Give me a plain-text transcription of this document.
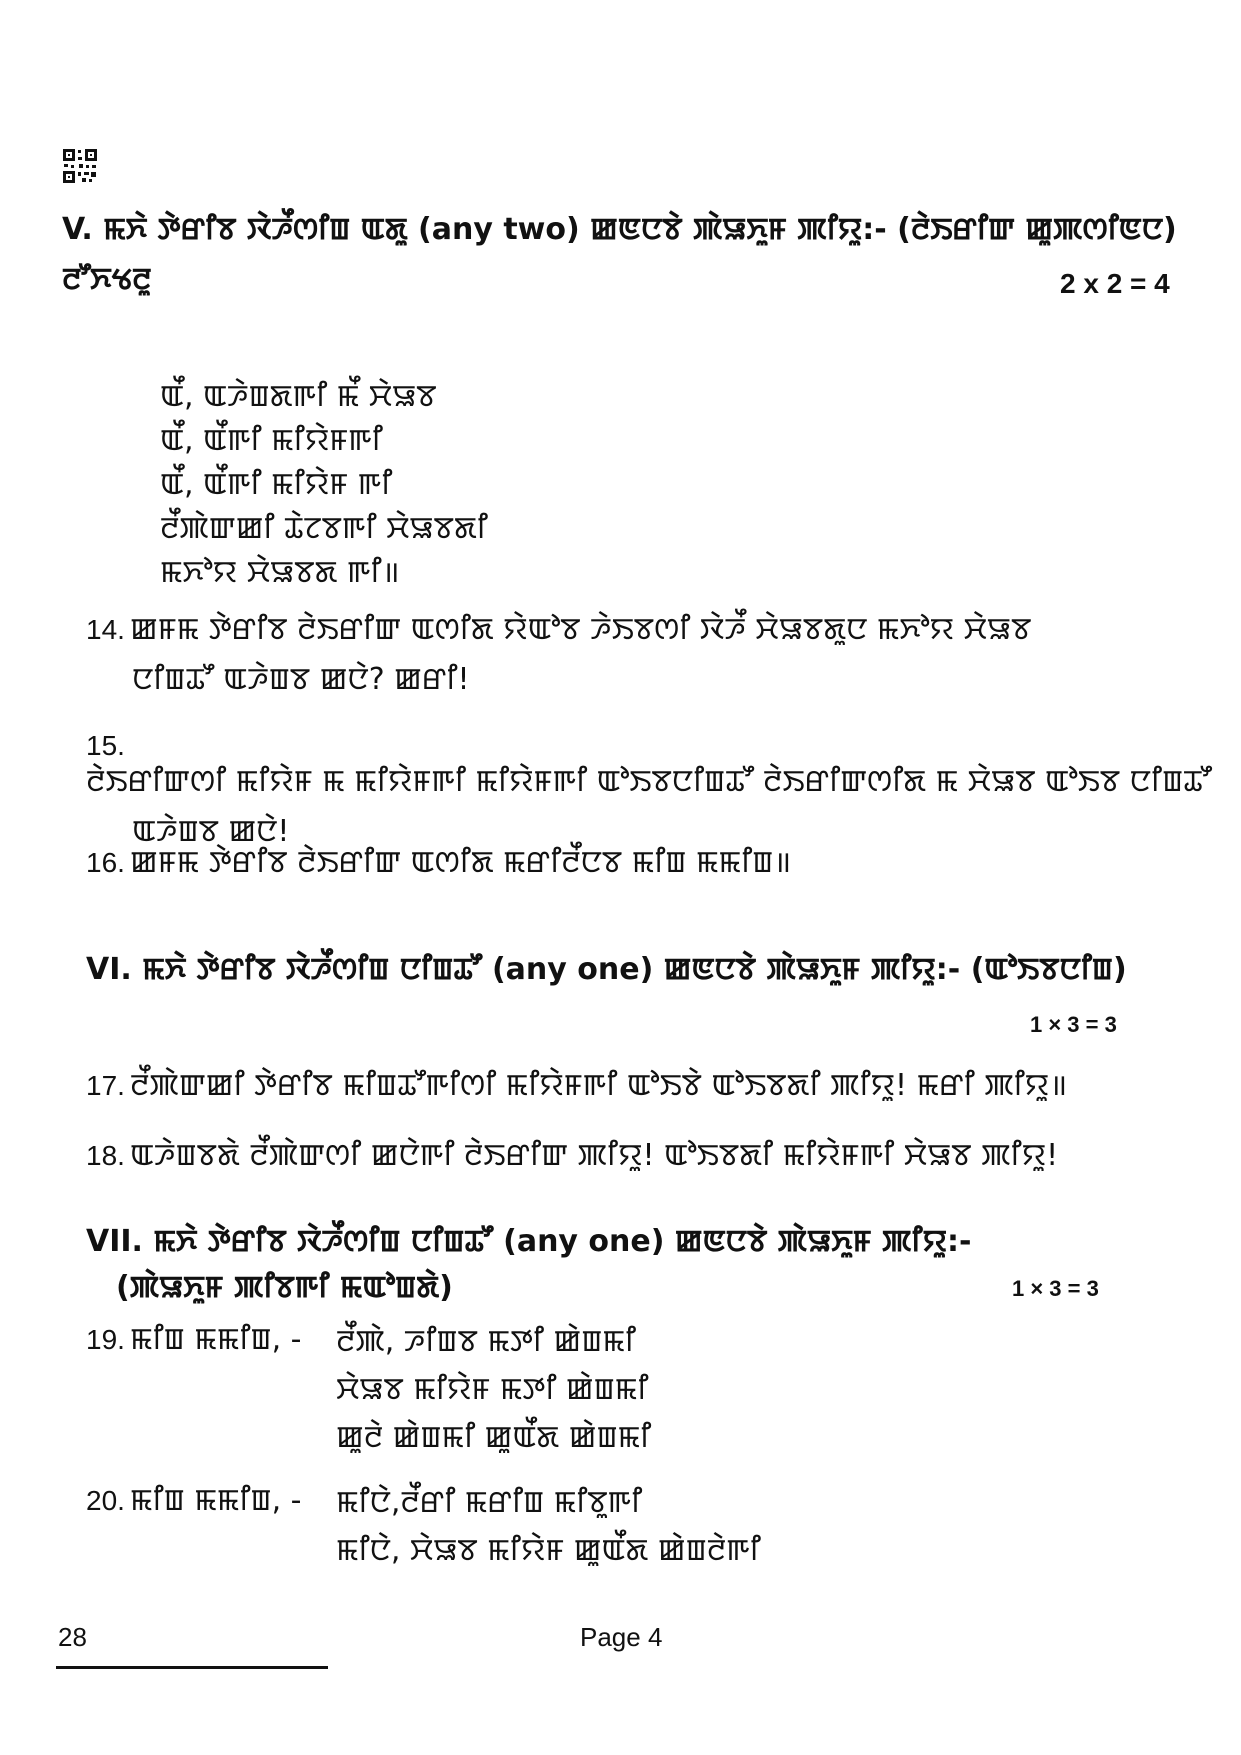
V. ꯃꯈꯥ ꯇꯥꯔꯤꯕ ꯋꯥꯍꯩꯁꯤꯡ ꯑꯗꯨ (any two) ꯀꯟꯅꯕꯥ ꯄꯥꯎꯈꯨꯝ ꯄꯤꯌꯨ:- (ꯂꯥꯏꯔꯤꯛ ꯀꯨꯄꯁꯤꯟꯅ)
ꯂꯧꯈꯠꯂꯨ	2 x 2 = 4
ꯑꯩ, ꯑꯍꯥꯡꯗꯒꯤ ꯃꯩ ꯆꯥꯎꯕ
ꯑꯩ, ꯑꯩꯒꯤ ꯃꯤꯌꯥꯝꯒꯤ
ꯑꯩ, ꯑꯩꯒꯤ ꯃꯤꯌꯥꯝ ꯒꯤ
ꯂꯩꯄꯥꯛꯀꯤ ꯊꯥꯖꯕꯒꯤ ꯆꯥꯎꯕꯗꯤ
ꯃꯈꯣꯌ ꯆꯥꯎꯕꯗ ꯒꯤ॥
14. ꯀꯝꯃ ꯇꯥꯔꯤꯕ ꯂꯥꯏꯔꯤꯛ ꯑꯁꯤꯗ ꯌꯥꯑꯣꯕ ꯍꯥꯏꯕꯁꯤ ꯋꯥꯍꯩ ꯆꯥꯎꯕꯗꯨꯅ ꯃꯈꯣꯌ ꯆꯥꯎꯕ
ꯅꯤꯡꯊꯧ ꯑꯍꯥꯡꯕ ꯀꯅꯥ? ꯀꯔꯤ!
15. ꯂꯥꯏꯔꯤꯛꯁꯤ ꯃꯤꯌꯥꯝ ꯃ ꯃꯤꯌꯥꯝꯒꯤ ꯃꯤꯌꯥꯝꯒꯤ ꯑꯣꯏꯕꯅꯤꯡꯊꯧ ꯂꯥꯏꯔꯤꯛꯁꯤꯗ ꯃ ꯆꯥꯎꯕ ꯑꯣꯏꯕ ꯅꯤꯡꯊꯧ
ꯑꯍꯥꯡꯕ ꯀꯅꯥ!
16. ꯀꯝꯃ ꯇꯥꯔꯤꯕ ꯂꯥꯏꯔꯤꯛ ꯑꯁꯤꯗ ꯃꯔꯤꯂꯩꯅꯕ ꯃꯤꯡ ꯃꯃꯤꯡ॥
VI. ꯃꯈꯥ ꯇꯥꯔꯤꯕ ꯋꯥꯍꯩꯁꯤꯡ ꯅꯤꯡꯊꯧ (any one) ꯀꯟꯅꯕꯥ ꯄꯥꯎꯈꯨꯝ ꯄꯤꯌꯨ:- (ꯑꯣꯏꯕꯅꯤꯡ)
1 × 3 = 3
17. ꯂꯩꯄꯥꯛꯀꯤ ꯇꯥꯔꯤꯕ ꯃꯤꯡꯊꯧꯒꯤꯁꯤ ꯃꯤꯌꯥꯝꯒꯤ ꯑꯣꯏꯕꯥ ꯑꯣꯏꯕꯗꯤ ꯄꯤꯌꯨ! ꯃꯔꯤ ꯄꯤꯌꯨ॥
18. ꯑꯍꯥꯡꯕꯗꯥ ꯂꯩꯄꯥꯛꯁꯤ ꯀꯅꯥꯒꯤ ꯂꯥꯏꯔꯤꯛ ꯄꯤꯌꯨ! ꯑꯣꯏꯕꯗꯤ ꯃꯤꯌꯥꯝꯒꯤ ꯆꯥꯎꯕ ꯄꯤꯌꯨ!
VII. ꯃꯈꯥ ꯇꯥꯔꯤꯕ ꯋꯥꯍꯩꯁꯤꯡ ꯅꯤꯡꯊꯧ (any one) ꯀꯟꯅꯕꯥ ꯄꯥꯎꯈꯨꯝ ꯄꯤꯌꯨ:-
(ꯄꯥꯎꯈꯨꯝ ꯄꯤꯕꯒꯤ ꯃꯑꯣꯡꯗꯥ)	1 × 3 = 3
19. ꯃꯤꯡ ꯃꯃꯤꯡ, - ꯂꯩꯄꯥ, ꯍꯤꯡꯕ ꯃꯇꯤ ꯀꯥꯡꯃꯤ
ꯆꯥꯎꯕ ꯃꯤꯌꯥꯝ ꯃꯇꯤ ꯀꯥꯡꯃꯤ
ꯀꯨꯂꯥ ꯀꯥꯡꯃꯤ ꯀꯨꯑꯩꯗ ꯀꯥꯡꯃꯤ
20. ꯃꯤꯡ ꯃꯃꯤꯡ, - ꯃꯤꯅꯥ,ꯂꯩꯔꯤ ꯃꯔꯤꯡ ꯃꯤꯕꯨꯒꯤ
ꯃꯤꯅꯥ, ꯆꯥꯎꯕ ꯃꯤꯌꯥꯝ ꯀꯨꯑꯩꯗ ꯀꯥꯡꯂꯥꯒꯤ
28	Page 4
